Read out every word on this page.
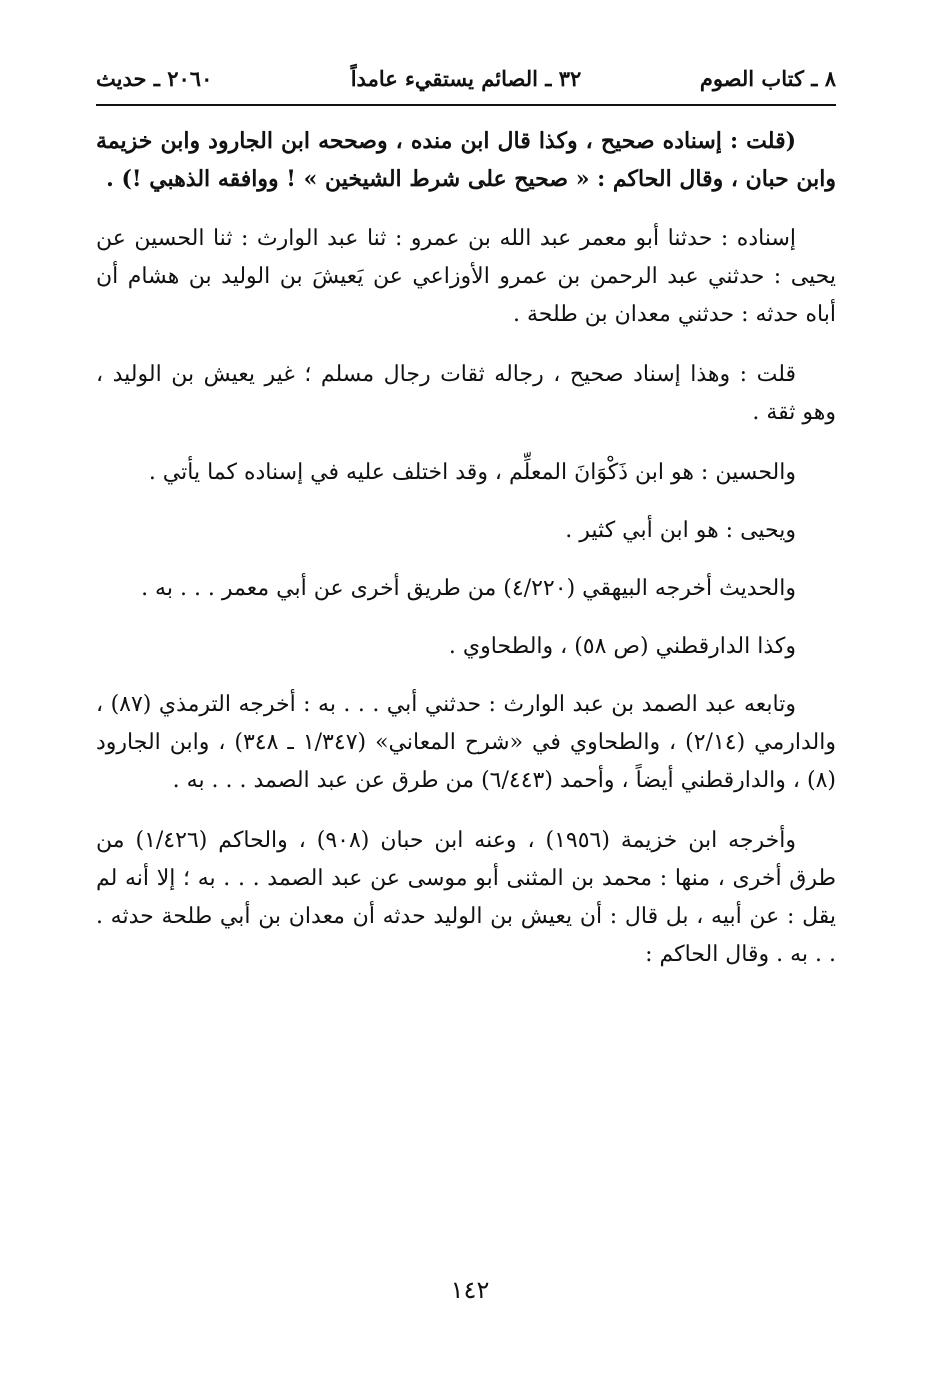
٨ ـ كتاب الصوم
٣٢ ـ الصائم يستقيء عامداً
٢٠٦٠ ـ حديث

(قلت : إسناده صحيح ، وكذا قال ابن منده ، وصححه ابن الجارود وابن خزيمة وابن حبان ، وقال الحاكم : « صحيح على شرط الشيخين » ! ووافقه الذهبي !) .

إسناده : حدثنا أبو معمر عبد الله بن عمرو : ثنا عبد الوارث : ثنا الحسين عن يحيى : حدثني عبد الرحمن بن عمرو الأوزاعي عن يَعيشَ بن الوليد بن هشام أن أباه حدثه : حدثني معدان بن طلحة .

قلت : وهذا إسناد صحيح ، رجاله ثقات رجال مسلم ؛ غير يعيش بن الوليد ، وهو ثقة .

والحسين : هو ابن ذَكْوَانَ المعلِّم ، وقد اختلف عليه في إسناده كما يأتي .

ويحيى : هو ابن أبي كثير .

والحديث أخرجه البيهقي (٤/٢٢٠) من طريق أخرى عن أبي معمر . . . به .

وكذا الدارقطني (ص ٥٨) ، والطحاوي .

وتابعه عبد الصمد بن عبد الوارث : حدثني أبي . . . به : أخرجه الترمذي (٨٧) ، والدارمي (٢/١٤) ، والطحاوي في «شرح المعاني» (١/٣٤٧ ـ ٣٤٨) ، وابن الجارود (٨) ، والدارقطني أيضاً ، وأحمد (٦/٤٤٣) من طرق عن عبد الصمد . . . به .

وأخرجه ابن خزيمة (١٩٥٦) ، وعنه ابن حبان (٩٠٨) ، والحاكم (١/٤٢٦) من طرق أخرى ، منها : محمد بن المثنى أبو موسى عن عبد الصمد . . . به ؛ إلا أنه لم يقل : عن أبيه ، بل قال : أن يعيش بن الوليد حدثه أن معدان بن أبي طلحة حدثه . . . به . وقال الحاكم :

١٤٢
